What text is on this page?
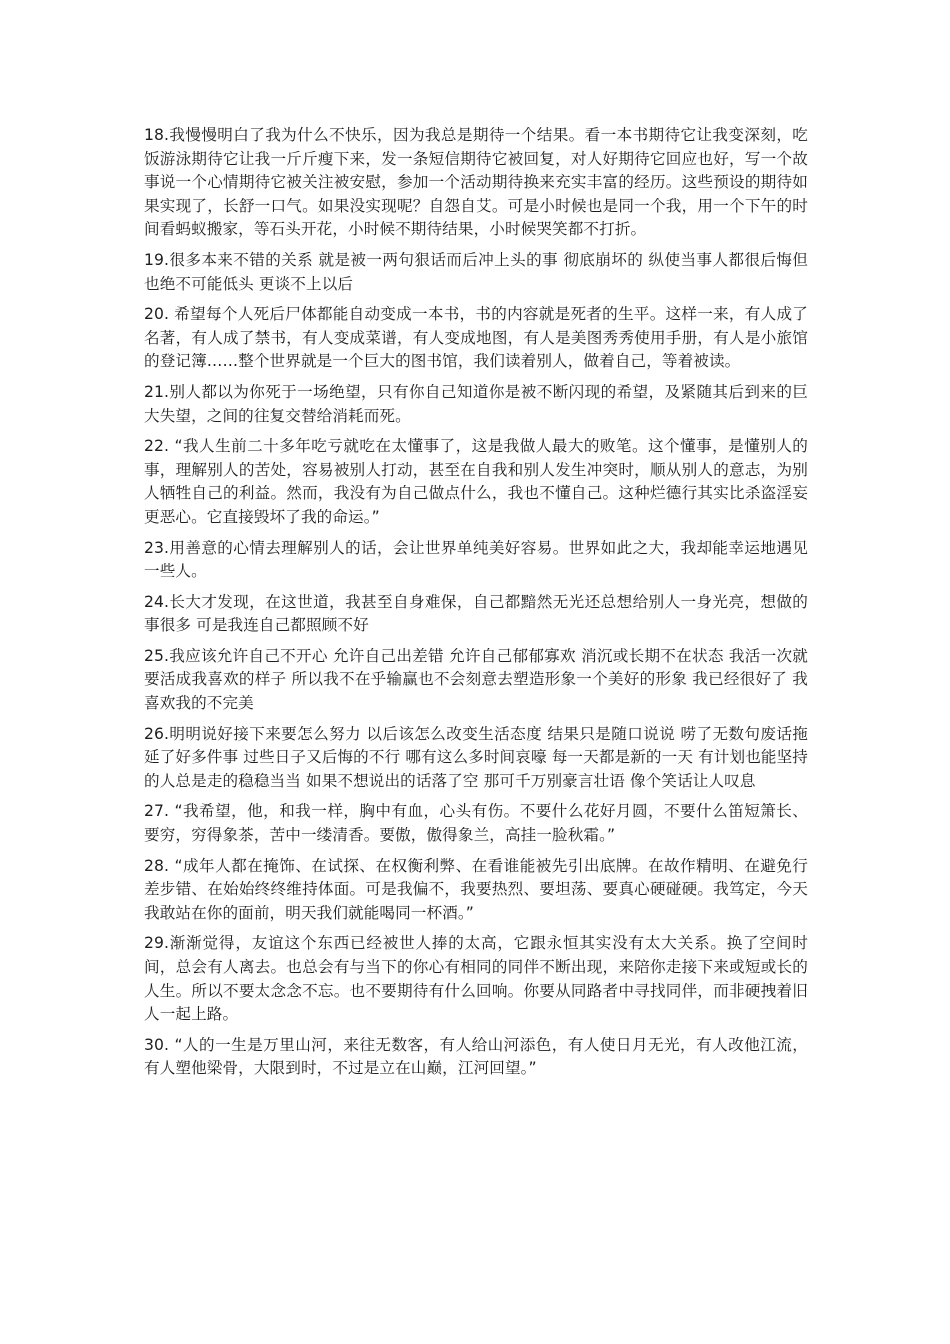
18.我慢慢明白了我为什么不快乐，因为我总是期待一个结果。看一本书期待它让我变深刻，吃饭游泳期待它让我一斤斤瘦下来，发一条短信期待它被回复，对人好期待它回应也好，写一个故事说一个心情期待它被关注被安慰，参加一个活动期待换来充实丰富的经历。这些预设的期待如果实现了，长舒一口气。如果没实现呢？自怨自艾。可是小时候也是同一个我，用一个下午的时间看蚂蚁搬家，等石头开花，小时候不期待结果，小时候哭笑都不打折。

19.很多本来不错的关系 就是被一两句狠话而后冲上头的事 彻底崩坏的 纵使当事人都很后悔但也绝不可能低头 更谈不上以后

20. 希望每个人死后尸体都能自动变成一本书，书的内容就是死者的生平。这样一来，有人成了名著，有人成了禁书，有人变成菜谱，有人变成地图，有人是美图秀秀使用手册，有人是小旅馆的登记簿……整个世界就是一个巨大的图书馆，我们读着别人，做着自己，等着被读。

21.别人都以为你死于一场绝望，只有你自己知道你是被不断闪现的希望，及紧随其后到来的巨大失望，之间的往复交替给消耗而死。

22. “我人生前二十多年吃亏就吃在太懂事了，这是我做人最大的败笔。这个懂事，是懂别人的事，理解别人的苦处，容易被别人打动，甚至在自我和别人发生冲突时，顺从别人的意志，为别人牺牲自己的利益。然而，我没有为自己做点什么，我也不懂自己。这种烂德行其实比杀盗淫妄更恶心。它直接毁坏了我的命运。”

23.用善意的心情去理解别人的话，会让世界单纯美好容易。世界如此之大，我却能幸运地遇见一些人。

24.长大才发现，在这世道，我甚至自身难保，自己都黯然无光还总想给别人一身光亮，想做的事很多 可是我连自己都照顾不好

25.我应该允许自己不开心 允许自己出差错 允许自己郁郁寡欢 消沉或长期不在状态 我活一次就要活成我喜欢的样子 所以我不在乎输赢也不会刻意去塑造形象一个美好的形象 我已经很好了 我喜欢我的不完美

26.明明说好接下来要怎么努力 以后该怎么改变生活态度 结果只是随口说说 唠了无数句废话拖延了好多件事 过些日子又后悔的不行 哪有这么多时间哀嚎 每一天都是新的一天 有计划也能坚持的人总是走的稳稳当当 如果不想说出的话落了空 那可千万别豪言壮语 像个笑话让人叹息

27. “我希望，他，和我一样，胸中有血，心头有伤。不要什么花好月圆，不要什么笛短箫长、要穷，穷得象茶，苦中一缕清香。要傲，傲得象兰，高挂一脸秋霜。”

28. “成年人都在掩饰、在试探、在权衡利弊、在看谁能被先引出底牌。在故作精明、在避免行差步错、在始始终终维持体面。可是我偏不，我要热烈、要坦荡、要真心硬碰硬。我笃定，今天我敢站在你的面前，明天我们就能喝同一杯酒。”

29.渐渐觉得，友谊这个东西已经被世人捧的太高，它跟永恒其实没有太大关系。换了空间时间，总会有人离去。也总会有与当下的你心有相同的同伴不断出现，来陪你走接下来或短或长的人生。所以不要太念念不忘。也不要期待有什么回响。你要从同路者中寻找同伴，而非硬拽着旧人一起上路。

30. “人的一生是万里山河，来往无数客，有人给山河添色，有人使日月无光，有人改他江流，有人塑他梁骨，大限到时，不过是立在山巅，江河回望。”
